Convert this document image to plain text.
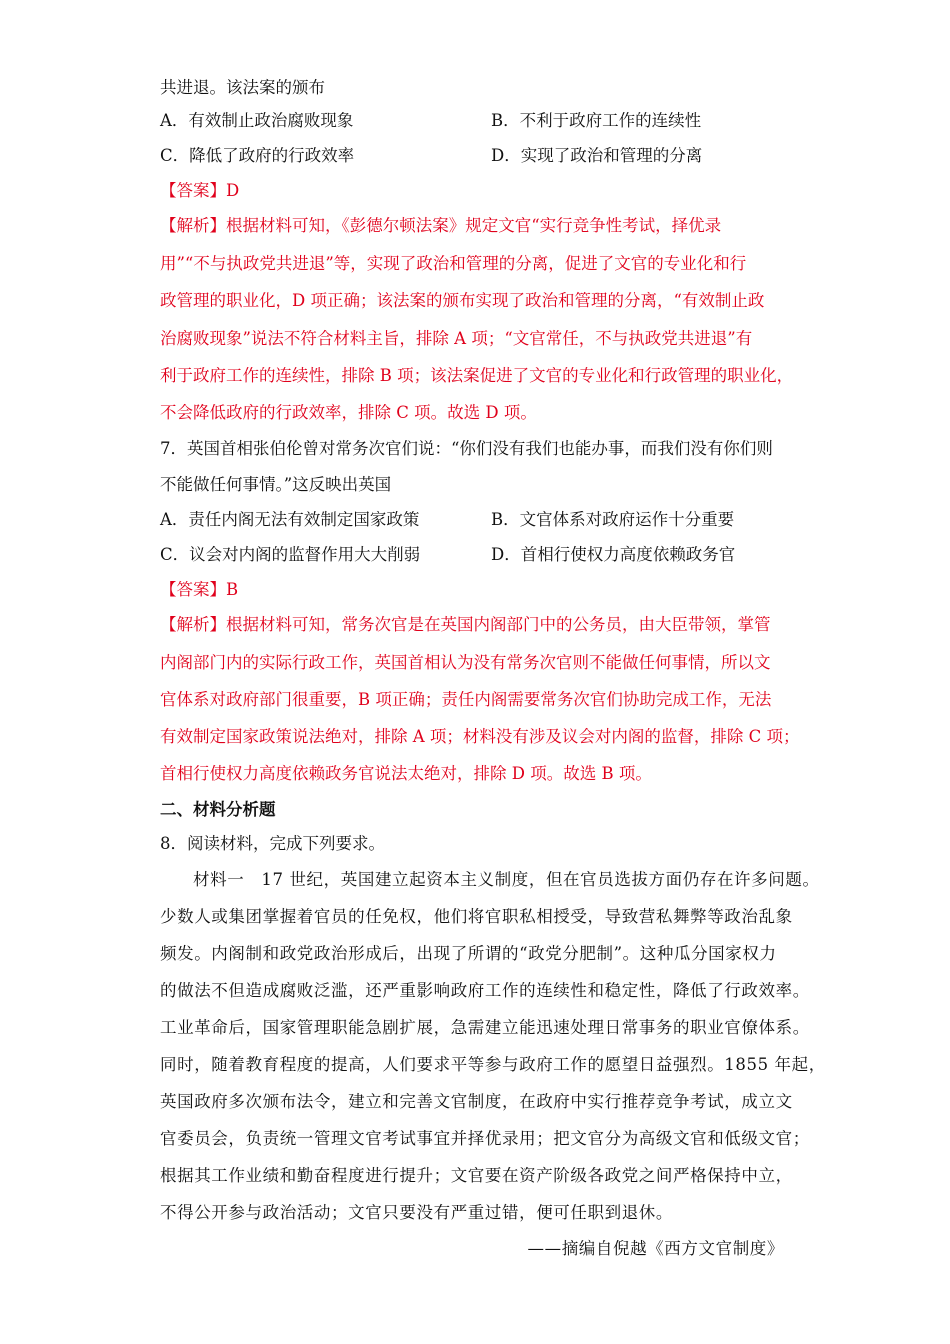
共进退。该法案的颁布
A．有效制止政治腐败现象	B．不利于政府工作的连续性
C．降低了政府的行政效率	D．实现了政治和管理的分离
【答案】D
【解析】根据材料可知，《彭德尔顿法案》规定文官“实行竞争性考试，择优录
用”“不与执政党共进退”等，实现了政治和管理的分离，促进了文官的专业化和行
政管理的职业化，D 项正确；该法案的颁布实现了政治和管理的分离，“有效制止政
治腐败现象”说法不符合材料主旨，排除 A 项；“文官常任，不与执政党共进退”有
利于政府工作的连续性，排除 B 项；该法案促进了文官的专业化和行政管理的职业化，
不会降低政府的行政效率，排除 C 项。故选 D 项。
7．英国首相张伯伦曾对常务次官们说：“你们没有我们也能办事，而我们没有你们则
不能做任何事情。”这反映出英国
A．责任内阁无法有效制定国家政策	B．文官体系对政府运作十分重要
C．议会对内阁的监督作用大大削弱	D．首相行使权力高度依赖政务官
【答案】B
【解析】根据材料可知，常务次官是在英国内阁部门中的公务员，由大臣带领，掌管
内阁部门内的实际行政工作，英国首相认为没有常务次官则不能做任何事情，所以文
官体系对政府部门很重要，B 项正确；责任内阁需要常务次官们协助完成工作，无法
有效制定国家政策说法绝对，排除 A 项；材料没有涉及议会对内阁的监督，排除 C 项；
首相行使权力高度依赖政务官说法太绝对，排除 D 项。故选 B 项。
二、材料分析题
8．阅读材料，完成下列要求。
材料一　17 世纪，英国建立起资本主义制度，但在官员选拔方面仍存在许多问题。
少数人或集团掌握着官员的任免权，他们将官职私相授受，导致营私舞弊等政治乱象
频发。内阁制和政党政治形成后，出现了所谓的“政党分肥制”。这种瓜分国家权力
的做法不但造成腐败泛滥，还严重影响政府工作的连续性和稳定性，降低了行政效率。
工业革命后，国家管理职能急剧扩展，急需建立能迅速处理日常事务的职业官僚体系。
同时，随着教育程度的提高，人们要求平等参与政府工作的愿望日益强烈。1855 年起，
英国政府多次颁布法令，建立和完善文官制度，在政府中实行推荐竞争考试，成立文
官委员会，负责统一管理文官考试事宜并择优录用；把文官分为高级文官和低级文官；
根据其工作业绩和勤奋程度进行提升；文官要在资产阶级各政党之间严格保持中立，
不得公开参与政治活动；文官只要没有严重过错，便可任职到退休。
——摘编自倪越《西方文官制度》
